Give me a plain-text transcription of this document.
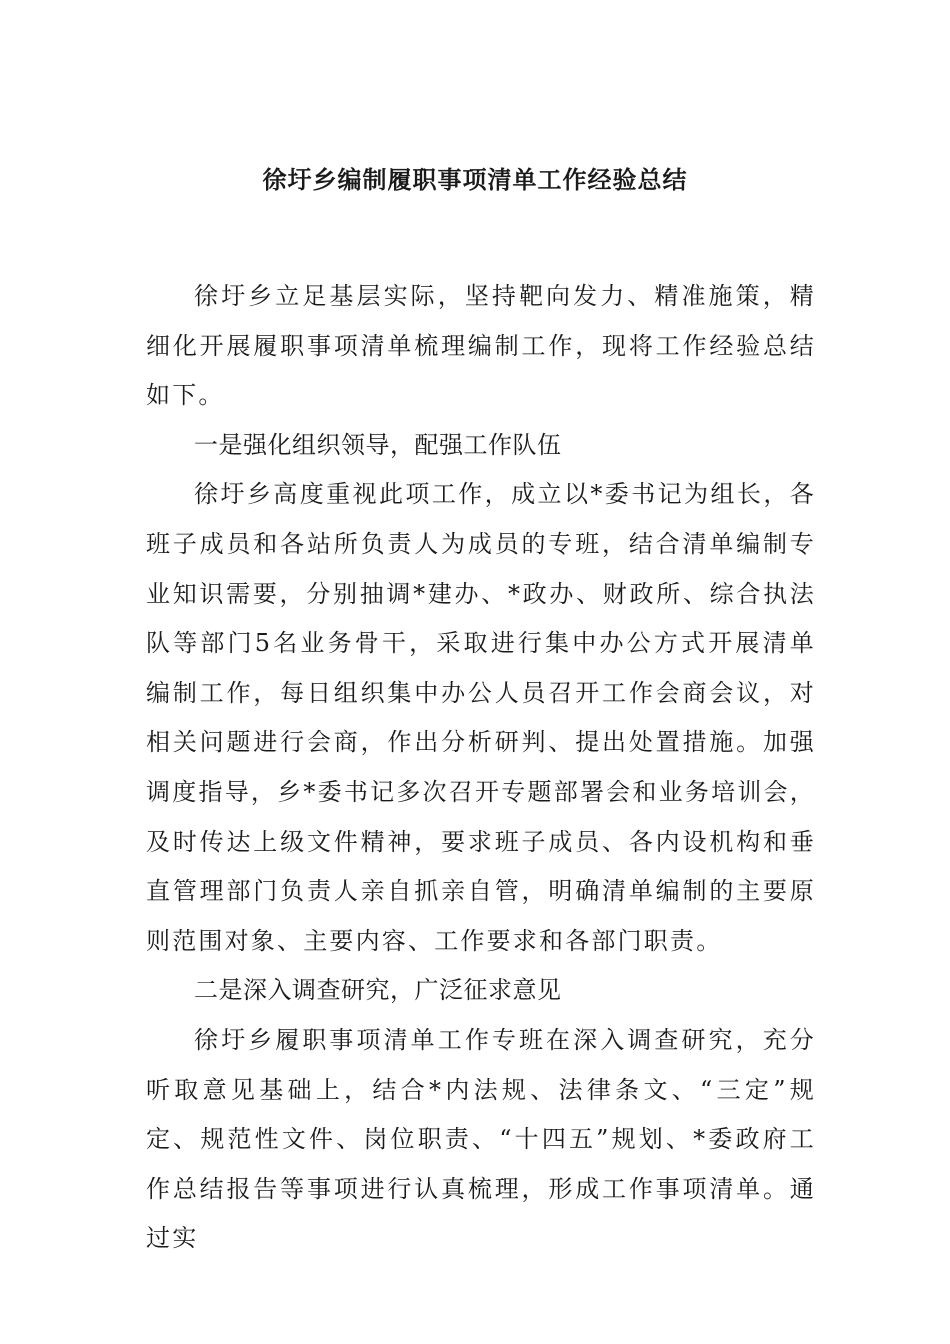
徐圩乡编制履职事项清单工作经验总结

徐圩乡立足基层实际，坚持靶向发力、精准施策，精细化开展履职事项清单梳理编制工作，现将工作经验总结如下。

一是强化组织领导，配强工作队伍

徐圩乡高度重视此项工作，成立以*委书记为组长，各班子成员和各站所负责人为成员的专班，结合清单编制专业知识需要，分别抽调*建办、*政办、财政所、综合执法队等部门5名业务骨干，采取进行集中办公方式开展清单编制工作，每日组织集中办公人员召开工作会商会议，对相关问题进行会商，作出分析研判、提出处置措施。加强调度指导，乡*委书记多次召开专题部署会和业务培训会，及时传达上级文件精神，要求班子成员、各内设机构和垂直管理部门负责人亲自抓亲自管，明确清单编制的主要原则范围对象、主要内容、工作要求和各部门职责。

二是深入调查研究，广泛征求意见

徐圩乡履职事项清单工作专班在深入调查研究，充分听取意见基础上，结合*内法规、法律条文、“三定”规定、规范性文件、岗位职责、“十四五”规划、*委政府工作总结报告等事项进行认真梳理，形成工作事项清单。通过实
